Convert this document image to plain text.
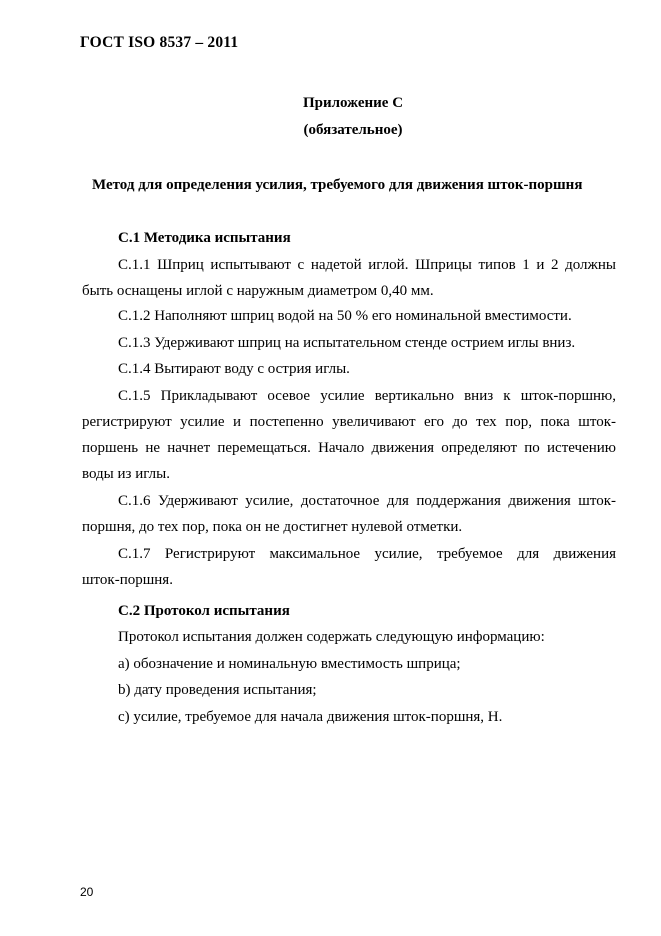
ГОСТ ISO 8537 – 2011
Приложение С
(обязательное)
Метод для определения усилия, требуемого для движения шток-поршня
С.1 Методика испытания
С.1.1 Шприц испытывают с надетой иглой. Шприцы типов 1 и 2 должны
быть оснащены иглой с наружным диаметром 0,40 мм.
С.1.2 Наполняют шприц водой на 50 % его номинальной вместимости.
С.1.3 Удерживают шприц на испытательном стенде острием иглы вниз.
С.1.4 Вытирают воду с острия иглы.
С.1.5 Прикладывают осевое усилие вертикально вниз к шток-поршню,
регистрируют усилие и постепенно увеличивают его до тех пор, пока шток-
поршень не начнет перемещаться. Начало движения определяют по истечению
воды из иглы.
С.1.6 Удерживают усилие, достаточное для поддержания движения шток-
поршня, до тех пор, пока он не достигнет нулевой отметки.
С.1.7 Регистрируют максимальное усилие, требуемое для движения
шток-поршня.
С.2 Протокол испытания
Протокол испытания должен содержать следующую информацию:
a) обозначение и номинальную вместимость шприца;
b) дату проведения испытания;
c) усилие, требуемое для начала движения шток-поршня, Н.
20
